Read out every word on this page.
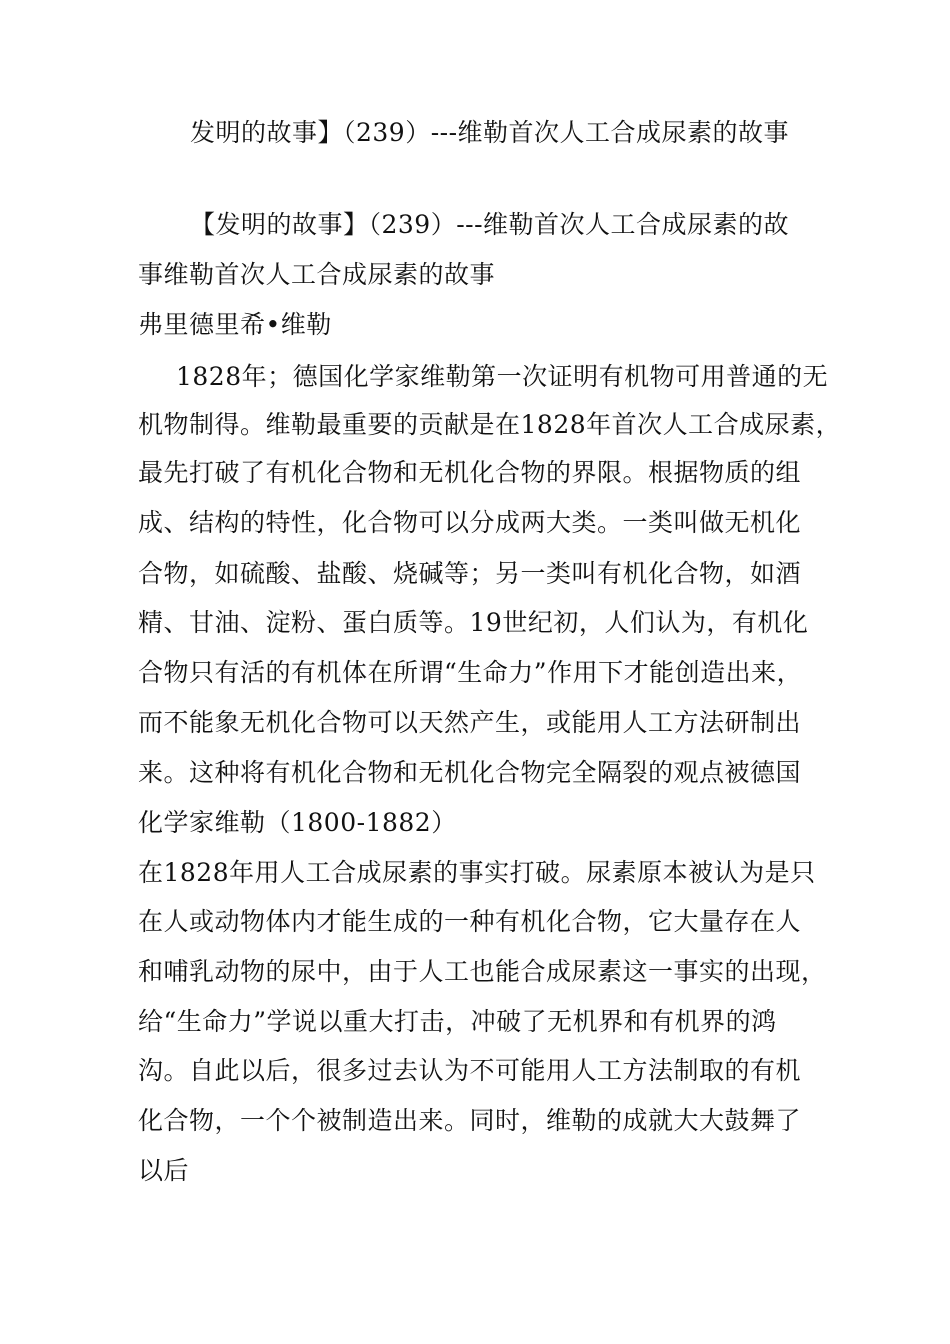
发明的故事】（239）---维勒首次人工合成尿素的故事
【发明的故事】（239）---维勒首次人工合成尿素的故
事维勒首次人工合成尿素的故事
弗里德里希•维勒
1828年；德国化学家维勒第一次证明有机物可用普通的无
机物制得。维勒最重要的贡献是在1828年首次人工合成尿素，
最先打破了有机化合物和无机化合物的界限。根据物质的组
成、结构的特性，化合物可以分成两大类。一类叫做无机化
合物，如硫酸、盐酸、烧碱等；另一类叫有机化合物，如酒
精、甘油、淀粉、蛋白质等。19世纪初，人们认为，有机化
合物只有活的有机体在所谓“生命力”作用下才能创造出来，
而不能象无机化合物可以天然产生，或能用人工方法研制出
来。这种将有机化合物和无机化合物完全隔裂的观点被德国
化学家维勒（1800-1882）
在1828年用人工合成尿素的事实打破。尿素原本被认为是只
在人或动物体内才能生成的一种有机化合物，它大量存在人
和哺乳动物的尿中，由于人工也能合成尿素这一事实的出现，
给“生命力”学说以重大打击，冲破了无机界和有机界的鸿
沟。自此以后，很多过去认为不可能用人工方法制取的有机
化合物，一个个被制造出来。同时，维勒的成就大大鼓舞了
以后
